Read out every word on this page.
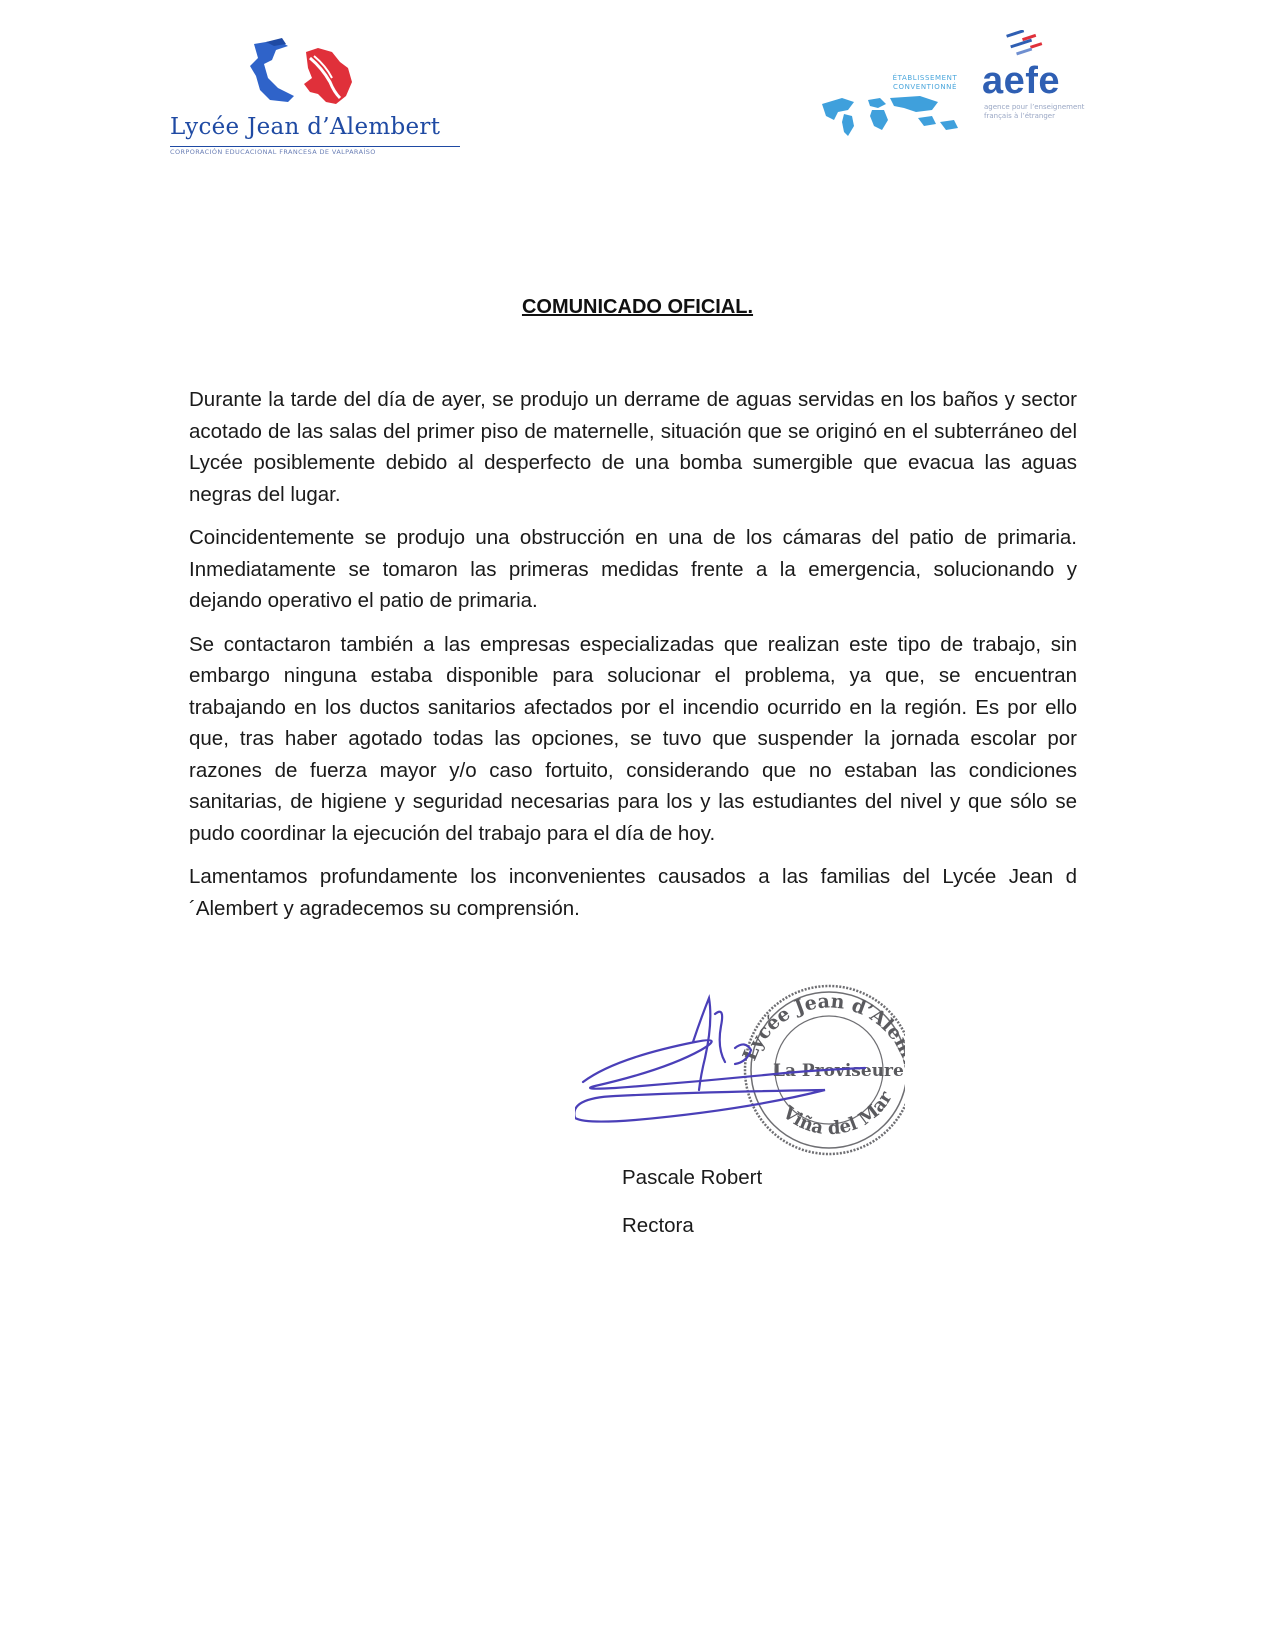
Lycée Jean d’Alembert
CORPORACIÓN EDUCACIONAL FRANCESA DE VALPARAÍSO
ÉTABLISSEMENT CONVENTIONNÉ aefe
agence pour l’enseignement français à l’étranger
COMUNICADO OFICIAL.

Durante la tarde del día de ayer, se produjo un derrame de aguas servidas en los baños y sector acotado de las salas del primer piso de maternelle, situación que se originó en el subterráneo del Lycée posiblemente debido al desperfecto de una bomba sumergible que evacua las aguas negras del lugar.

Coincidentemente se produjo una obstrucción en una de los cámaras del patio de primaria. Inmediatamente se tomaron las primeras medidas frente a la emergencia, solucionando y dejando operativo el patio de primaria.

Se contactaron también a las empresas especializadas que realizan este tipo de trabajo, sin embargo ninguna estaba disponible para solucionar el problema, ya que, se encuentran trabajando en los ductos sanitarios afectados por el incendio ocurrido en la región. Es por ello que, tras haber agotado todas las opciones, se tuvo que suspender la jornada escolar por razones de fuerza mayor y/o caso fortuito, considerando que no estaban las condiciones sanitarias, de higiene y seguridad necesarias para los y las estudiantes del nivel y que sólo se pudo coordinar la ejecución del trabajo para el día de hoy.

Lamentamos profundamente los inconvenientes causados a las familias del Lycée Jean d´Alembert y agradecemos su comprensión.

Lycée Jean d’Ale
La Proviseure
Viña del Mar
Pascale Robert
Rectora
